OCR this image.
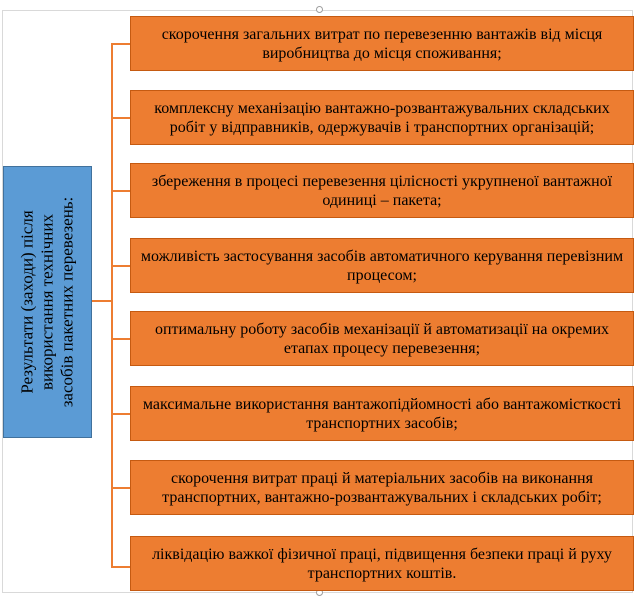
Результати (заходи) після використання технічних засобів пакетних перевезень:
скорочення загальних витрат по перевезенню вантажів від місця виробництва до місця споживання;
комплексну механізацію вантажно-розвантажувальних складських робіт у відправників, одержувачів і транспортних організацій;
збереження в процесі перевезення цілісності укрупненої вантажної одиниці – пакета;
можливість застосування засобів автоматичного керування перевізним процесом;
оптимальну роботу засобів механізації й автоматизації на окремих етапах процесу перевезення;
максимальне використання вантажопідйомності або вантажомісткості транспортних засобів;
скорочення витрат праці й матеріальних засобів на виконання транспортних, вантажно-розвантажувальних і складських робіт;
ліквідацію важкої фізичної праці, підвищення безпеки праці й руху транспортних коштів.
